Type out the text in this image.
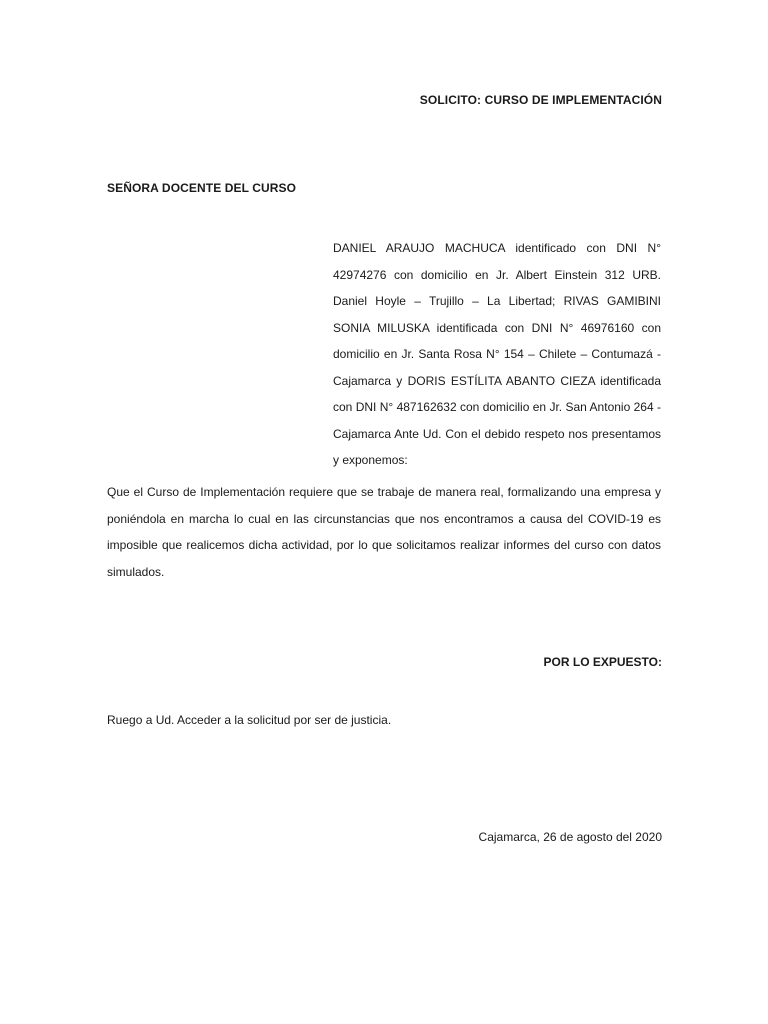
SOLICITO: CURSO DE IMPLEMENTACIÓN
SEÑORA DOCENTE DEL CURSO
DANIEL ARAUJO MACHUCA identificado con DNI N° 42974276 con domicilio en Jr. Albert Einstein 312 URB. Daniel Hoyle – Trujillo – La Libertad; RIVAS GAMIBINI SONIA MILUSKA identificada con DNI N° 46976160 con domicilio en Jr. Santa Rosa N° 154 – Chilete – Contumazá - Cajamarca y DORIS ESTÍLITA ABANTO CIEZA identificada con DNI N° 487162632 con domicilio en Jr. San Antonio 264 - Cajamarca Ante Ud. Con el debido respeto nos presentamos y exponemos:
Que el Curso de Implementación requiere que se trabaje de manera real, formalizando una empresa y poniéndola en marcha lo cual en las circunstancias que nos encontramos a causa del COVID-19 es imposible que realicemos dicha actividad, por lo que solicitamos realizar informes del curso con datos simulados.
POR LO EXPUESTO:
Ruego a Ud. Acceder a la solicitud por ser de justicia.
Cajamarca, 26 de agosto del 2020
